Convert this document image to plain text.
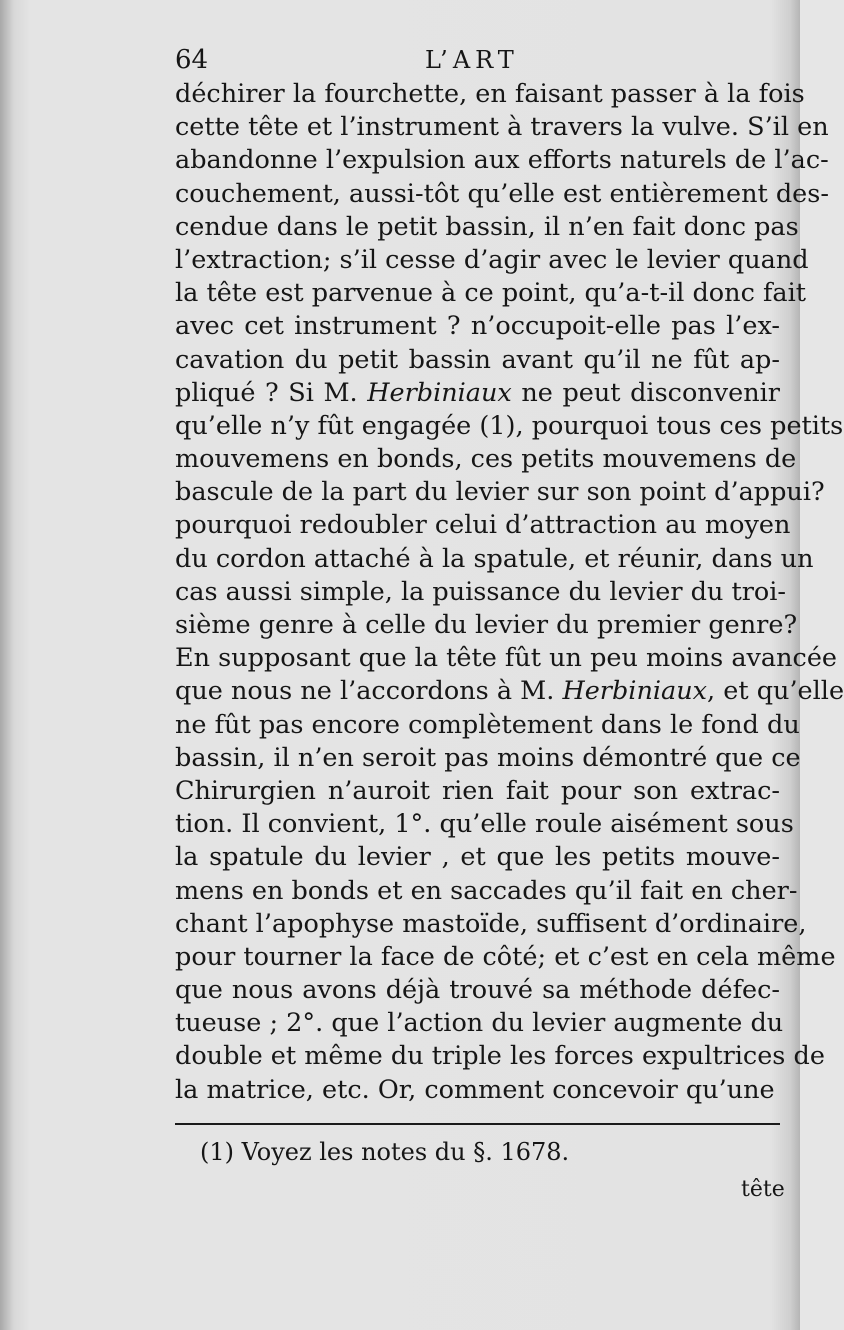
64	L’ART
déchirer la fourchette, en faisant passer à la fois
cette tête et l’instrument à travers la vulve. S’il en
abandonne l’expulsion aux efforts naturels de l’ac-
couchement, aussi-tôt qu’elle est entièrement des-
cendue dans le petit bassin, il n’en fait donc pas
l’extraction; s’il cesse d’agir avec le levier quand
la tête est parvenue à ce point, qu’a-t-il donc fait
avec cet instrument ? n’occupoit-elle pas l’ex-
cavation du petit bassin avant qu’il ne fût ap-
pliqué ? Si M. Herbiniaux ne peut disconvenir
qu’elle n’y fût engagée (1), pourquoi tous ces petits
mouvemens en bonds, ces petits mouvemens de
bascule de la part du levier sur son point d’appui?
pourquoi redoubler celui d’attraction au moyen
du cordon attaché à la spatule, et réunir, dans un
cas aussi simple, la puissance du levier du troi-
sième genre à celle du levier du premier genre?
En supposant que la tête fût un peu moins avancée
que nous ne l’accordons à M. Herbiniaux, et qu’elle
ne fût pas encore complètement dans le fond du
bassin, il n’en seroit pas moins démontré que ce
Chirurgien n’auroit rien fait pour son extrac-
tion. Il convient, 1°. qu’elle roule aisément sous
la spatule du levier , et que les petits mouve-
mens en bonds et en saccades qu’il fait en cher-
chant l’apophyse mastoïde, suffisent d’ordinaire,
pour tourner la face de côté; et c’est en cela même
que nous avons déjà trouvé sa méthode défec-
tueuse ; 2°. que l’action du levier augmente du
double et même du triple les forces expultrices de
la matrice, etc. Or, comment concevoir qu’une
(1) Voyez les notes du §. 1678.
tête
